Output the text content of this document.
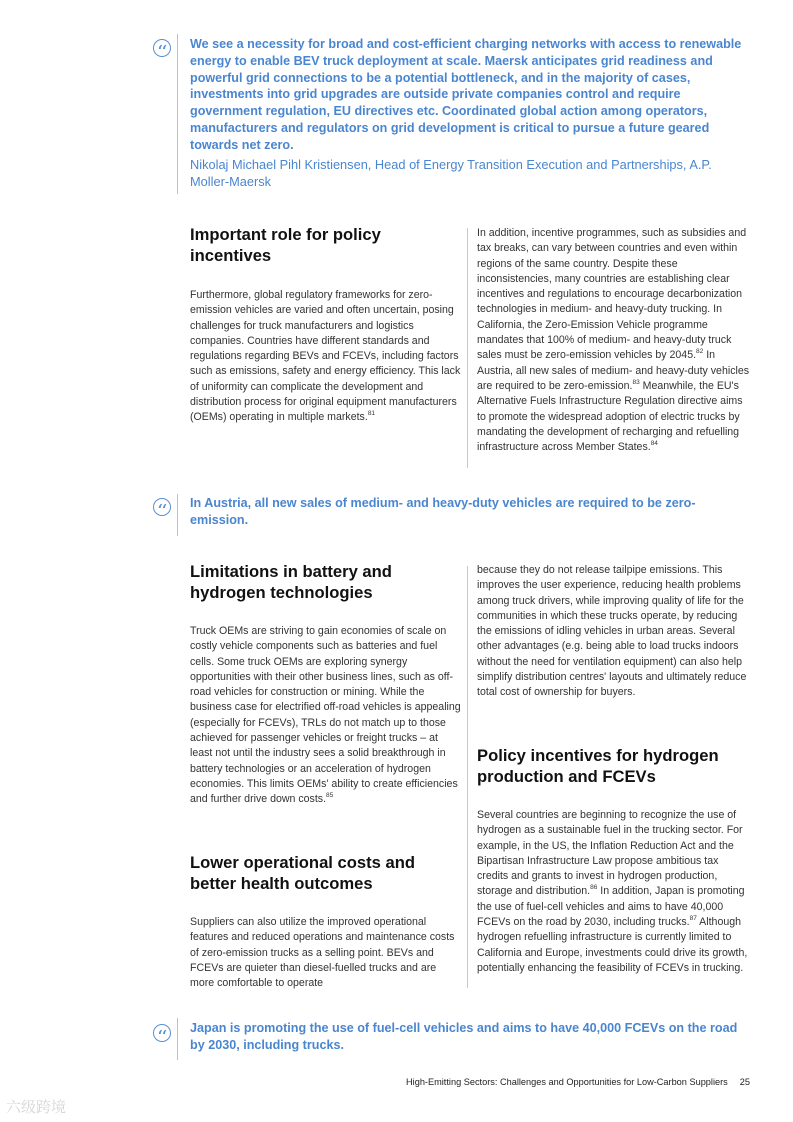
‘‘	We see a necessity for broad and cost-efficient charging networks with access to renewable energy to enable BEV truck deployment at scale. Maersk anticipates grid readiness and powerful grid connections to be a potential bottleneck, and in the majority of cases, investments into grid upgrades are outside private companies control and require government regulation, EU directives etc. Coordinated global action among operators, manufacturers and regulators on grid development is critical to pursue a future geared towards net zero.
Nikolaj Michael Pihl Kristiensen, Head of Energy Transition Execution and Partnerships, A.P. Moller-Maersk
Important role for policy incentives
Furthermore, global regulatory frameworks for zero-emission vehicles are varied and often uncertain, posing challenges for truck manufacturers and logistics companies. Countries have different standards and regulations regarding BEVs and FCEVs, including factors such as emissions, safety and energy efficiency. This lack of uniformity can complicate the development and distribution process for original equipment manufacturers (OEMs) operating in multiple markets.$^{81}$
In addition, incentive programmes, such as subsidies and tax breaks, can vary between countries and even within regions of the same country. Despite these inconsistencies, many countries are establishing clear incentives and regulations to encourage decarbonization technologies in medium- and heavy-duty trucking. In California, the Zero-Emission Vehicle programme mandates that 100% of medium- and heavy-duty truck sales must be zero-emission vehicles by 2045.82 In Austria, all new sales of medium- and heavy-duty vehicles are required to be zero-emission.$^{83}$ Meanwhile, the EU's Alternative Fuels Infrastructure Regulation directive aims to promote the widespread adoption of electric trucks by mandating the development of recharging and refuelling infrastructure across Member States.$^{84}$
‘‘	In Austria, all new sales of medium- and heavy-duty vehicles are required to be zero-emission.
Limitations in battery and hydrogen technologies
Truck OEMs are striving to gain economies of scale on costly vehicle components such as batteries and fuel cells. Some truck OEMs are exploring synergy opportunities with their other business lines, such as off-road vehicles for construction or mining. While the business case for electrified off-road vehicles is appealing (especially for FCEVs), TRLs do not match up to those achieved for passenger vehicles or freight trucks – at least not until the industry sees a solid breakthrough in battery technologies or an acceleration of hydrogen economies. This limits OEMs' ability to create efficiencies and further drive down costs.$^{85}$
Lower operational costs and better health outcomes
Suppliers can also utilize the improved operational features and reduced operations and maintenance costs of zero-emission trucks as a selling point. BEVs and FCEVs are quieter than diesel-fuelled trucks and are more comfortable to operate
because they do not release tailpipe emissions. This improves the user experience, reducing health problems among truck drivers, while improving quality of life for the communities in which these trucks operate, by reducing the emissions of idling vehicles in urban areas. Several other advantages (e.g. being able to load trucks indoors without the need for ventilation equipment) can also help simplify distribution centres' layouts and ultimately reduce total cost of ownership for buyers.
Policy incentives for hydrogen production and FCEVs
Several countries are beginning to recognize the use of hydrogen as a sustainable fuel in the trucking sector. For example, in the US, the Inflation Reduction Act and the Bipartisan Infrastructure Law propose ambitious tax credits and grants to invest in hydrogen production, storage and distribution.$^{86}$ In addition, Japan is promoting the use of fuel-cell vehicles and aims to have 40,000 FCEVs on the road by 2030, including trucks.$^{87}$ Although hydrogen refuelling infrastructure is currently limited to California and Europe, investments could drive its growth, potentially enhancing the feasibility of FCEVs in trucking.
‘‘	Japan is promoting the use of fuel-cell vehicles and aims to have 40,000 FCEVs on the road by 2030, including trucks.
High-Emitting Sectors: Challenges and Opportunities for Low-Carbon Suppliers 25
六级跨境
